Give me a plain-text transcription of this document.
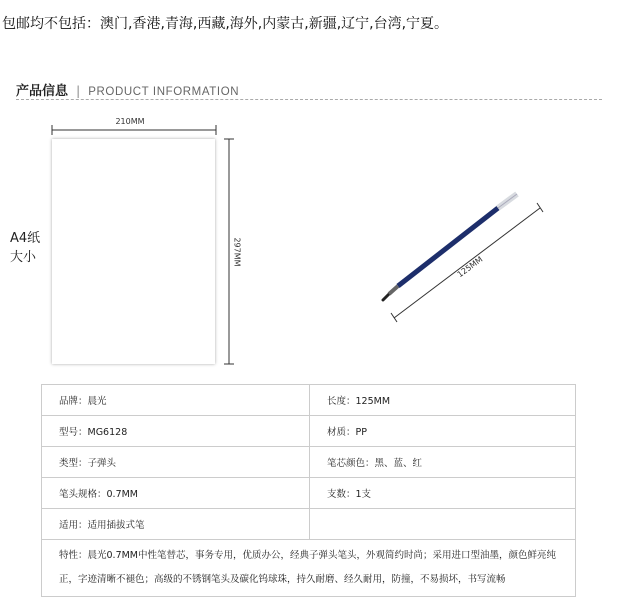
包邮均不包括：澳门,香港,青海,西藏,海外,内蒙古,新疆,辽宁,台湾,宁夏。
产品信息 | PRODUCT INFORMATION
A4纸
大小
210MM
297MM
125MM
品牌：晨光	长度：125MM
型号：MG6128	材质：PP
类型：子弹头	笔芯颜色：黑、蓝、红
笔头规格：0.7MM	支数：1支
适用：适用插拔式笔	

特性：晨光0.7MM中性笔替芯，事务专用，优质办公，经典子弹头笔头，外观简约时尚；采用进口型油墨，颜色鲜亮纯
正，字迹清晰不褪色；高级的不锈钢笔头及碳化钨球珠，持久耐磨、经久耐用，防撞，不易损坏，书写流畅	
